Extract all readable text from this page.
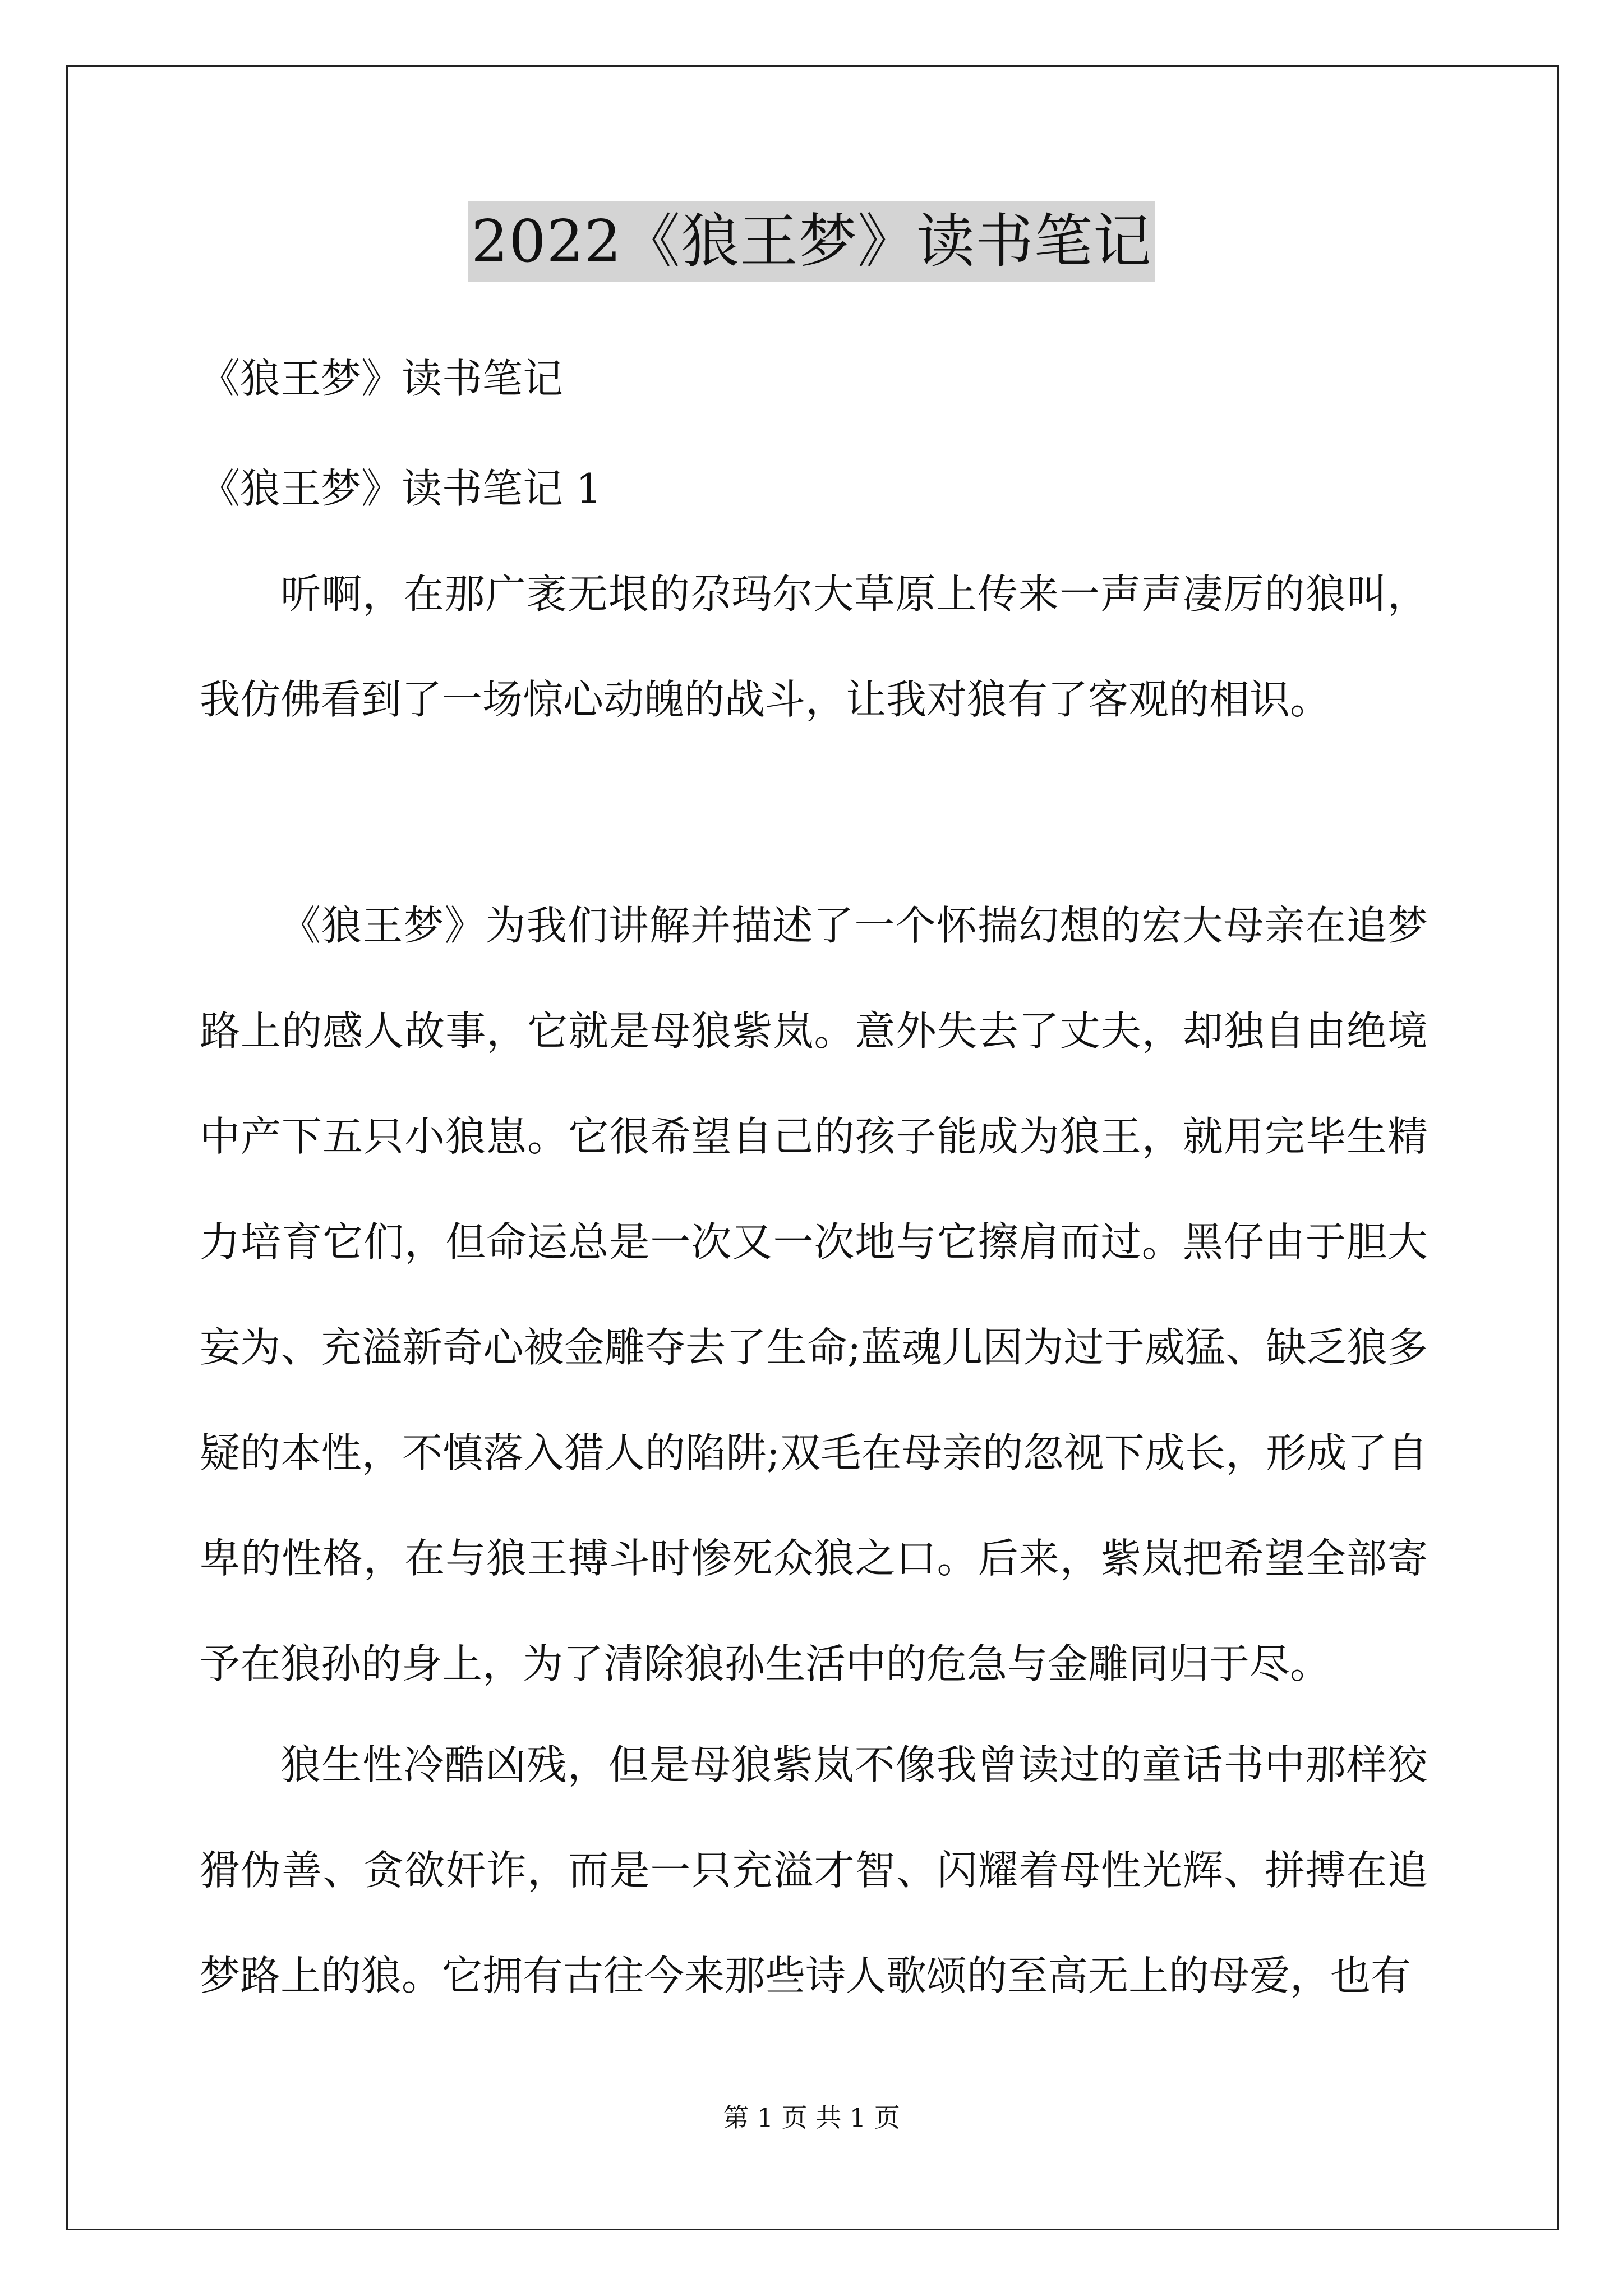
2022《狼王梦》读书笔记
《狼王梦》读书笔记
《狼王梦》读书笔记 1

听啊，在那广袤无垠的尕玛尔大草原上传来一声声凄厉的狼叫，我仿佛看到了一场惊心动魄的战斗，让我对狼有了客观的相识。

《狼王梦》为我们讲解并描述了一个怀揣幻想的宏大母亲在追梦路上的感人故事，它就是母狼紫岚。意外失去了丈夫，却独自由绝境中产下五只小狼崽。它很希望自己的孩子能成为狼王，就用完毕生精力培育它们，但命运总是一次又一次地与它擦肩而过。黑仔由于胆大妄为、充溢新奇心被金雕夺去了生命;蓝魂儿因为过于威猛、缺乏狼多疑的本性，不慎落入猎人的陷阱;双毛在母亲的忽视下成长，形成了自卑的性格，在与狼王搏斗时惨死众狼之口。后来，紫岚把希望全部寄予在狼孙的身上，为了清除狼孙生活中的危急与金雕同归于尽。

狼生性冷酷凶残，但是母狼紫岚不像我曾读过的童话书中那样狡猾伪善、贪欲奸诈，而是一只充溢才智、闪耀着母性光辉、拼搏在追梦路上的狼。它拥有古往今来那些诗人歌颂的至高无上的母爱，也有

第 1 页 共 1 页
